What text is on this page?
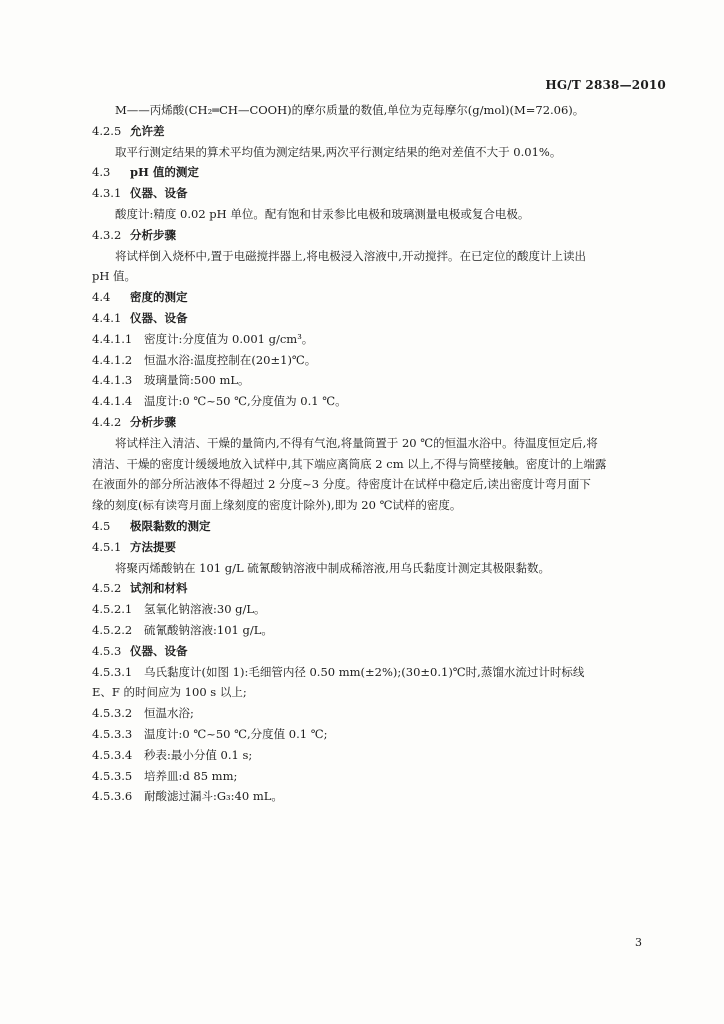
HG/T 2838—2010
M——丙烯酸(CH₂═CH—COOH)的摩尔质量的数值,单位为克每摩尔(g/mol)(M=72.06)。
4.2.5 允许差
取平行测定结果的算术平均值为测定结果,两次平行测定结果的绝对差值不大于 0.01%。
4.3 pH 值的测定
4.3.1 仪器、设备
酸度计:精度 0.02 pH 单位。配有饱和甘汞参比电极和玻璃测量电极或复合电极。
4.3.2 分析步骤
将试样倒入烧杯中,置于电磁搅拌器上,将电极浸入溶液中,开动搅拌。在已定位的酸度计上读出
pH 值。
4.4 密度的测定
4.4.1 仪器、设备
4.4.1.1 密度计:分度值为 0.001 g/cm³。
4.4.1.2 恒温水浴:温度控制在(20±1)℃。
4.4.1.3 玻璃量筒:500 mL。
4.4.1.4 温度计:0 ℃~50 ℃,分度值为 0.1 ℃。
4.4.2 分析步骤
将试样注入清洁、干燥的量筒内,不得有气泡,将量筒置于 20 ℃的恒温水浴中。待温度恒定后,将
清洁、干燥的密度计缓缓地放入试样中,其下端应离筒底 2 cm 以上,不得与筒壁接触。密度计的上端露
在液面外的部分所沾液体不得超过 2 分度~3 分度。待密度计在试样中稳定后,读出密度计弯月面下
缘的刻度(标有读弯月面上缘刻度的密度计除外),即为 20 ℃试样的密度。
4.5 极限黏数的测定
4.5.1 方法提要
将聚丙烯酸钠在 101 g/L 硫氰酸钠溶液中制成稀溶液,用乌氏黏度计测定其极限黏数。
4.5.2 试剂和材料
4.5.2.1 氢氧化钠溶液:30 g/L。
4.5.2.2 硫氰酸钠溶液:101 g/L。
4.5.3 仪器、设备
4.5.3.1 乌氏黏度计(如图 1):毛细管内径 0.50 mm(±2%);(30±0.1)℃时,蒸馏水流过计时标线
E、F 的时间应为 100 s 以上;
4.5.3.2 恒温水浴;
4.5.3.3 温度计:0 ℃~50 ℃,分度值 0.1 ℃;
4.5.3.4 秒表:最小分值 0.1 s;
4.5.3.5 培养皿:d 85 mm;
4.5.3.6 耐酸滤过漏斗:G₃:40 mL。
3
